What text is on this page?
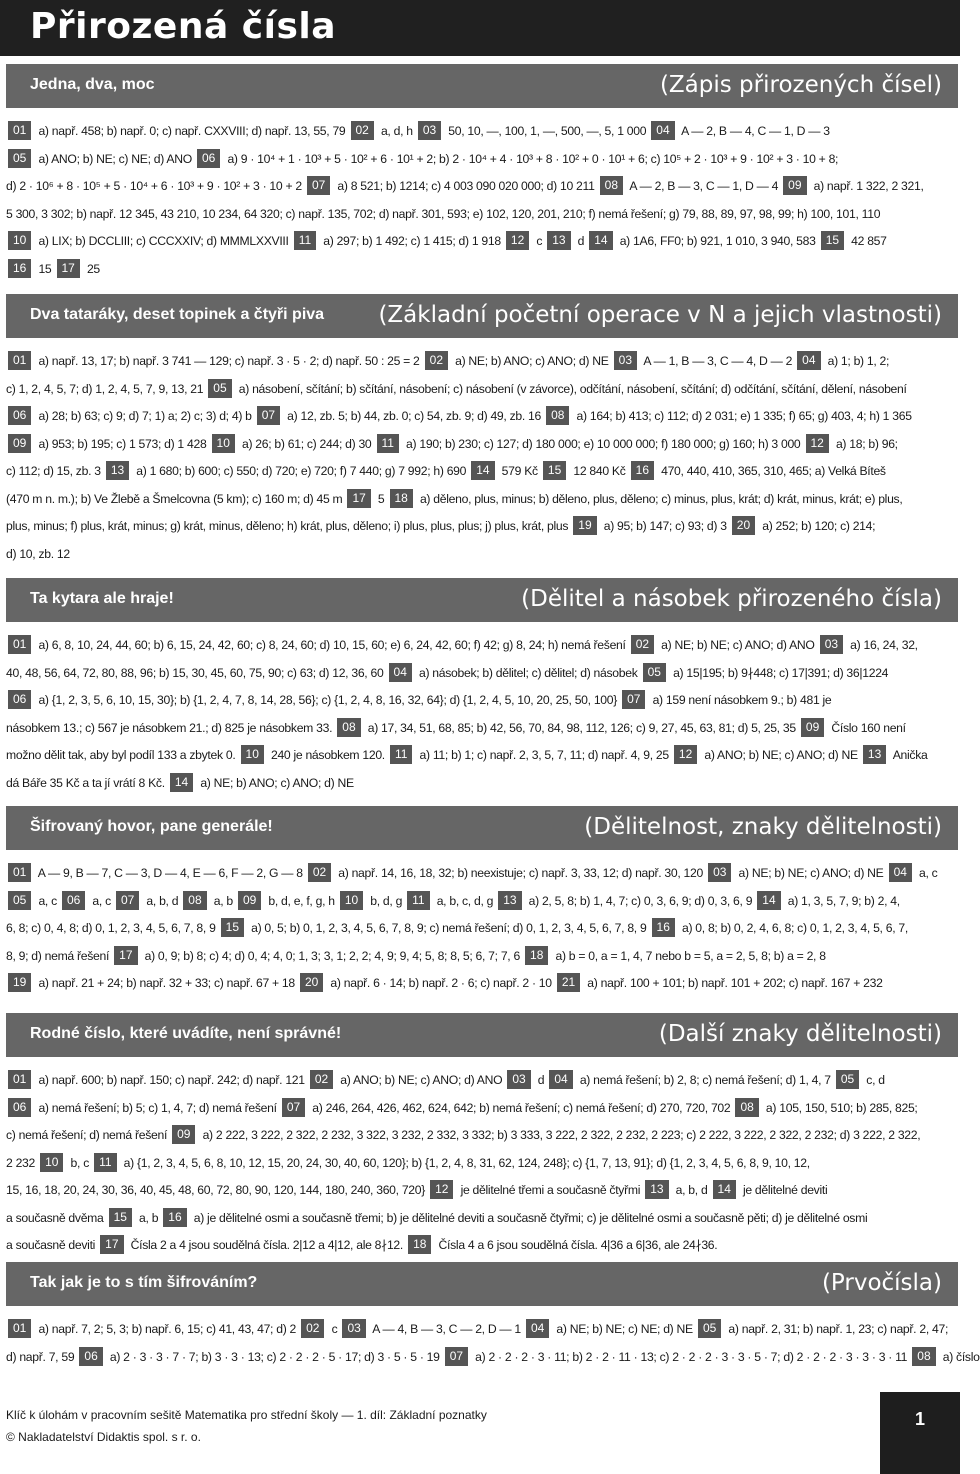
Přirozená čísla
Jedna, dva, moc	(Zápis přirozených čísel)
01 a) např. 458; b) např. 0; c) např. CXXVIII; d) např. 13, 55, 79 02 a, d, h 03 50, 10, —, 100, 1, —, 500, —, 5, 1 000 04 A — 2, B — 4, C — 1, D — 3
05 a) ANO; b) NE; c) NE; d) ANO 06 a) 9 · 10⁴ + 1 · 10³ + 5 · 10² + 6 · 10¹ + 2; b) 2 · 10⁴ + 4 · 10³ + 8 · 10² + 0 · 10¹ + 6; c) 10⁵ + 2 · 10³ + 9 · 10² + 3 · 10 + 8;
d) 2 · 10⁶ + 8 · 10⁵ + 5 · 10⁴ + 6 · 10³ + 9 · 10² + 3 · 10 + 2 07 a) 8 521; b) 1214; c) 4 003 090 020 000; d) 10 211 08 A — 2, B — 3, C — 1, D — 4 09 a) např. 1 322, 2 321,
5 300, 3 302; b) např. 12 345, 43 210, 10 234, 64 320; c) např. 135, 702; d) např. 301, 593; e) 102, 120, 201, 210; f) nemá řešení; g) 79, 88, 89, 97, 98, 99; h) 100, 101, 110
10 a) LIX; b) DCCLIII; c) CCCXXIV; d) MMMLXXVIII 11 a) 297; b) 1 492; c) 1 415; d) 1 918 12 c 13 d 14 a) 1A6, FF0; b) 921, 1 010, 3 940, 583 15 42 857
16 15 17 25
Dva tataráky, deset topinek a čtyři piva (Základní početní operace v N a jejich vlastnosti)
01 a) např. 13, 17; b) např. 3 741 — 129; c) např. 3 · 5 · 2; d) např. 50 : 25 = 2 02 a) NE; b) ANO; c) ANO; d) NE 03 A — 1, B — 3, C — 4, D — 2 04 a) 1; b) 1, 2;
c) 1, 2, 4, 5, 7; d) 1, 2, 4, 5, 7, 9, 13, 21 05 a) násobení, sčítání; b) sčítání, násobení; c) násobení (v závorce), odčítání, násobení, sčítání; d) odčítání, sčítání, dělení, násobení
06 a) 28; b) 63; c) 9; d) 7; 1) a; 2) c; 3) d; 4) b 07 a) 12, zb. 5; b) 44, zb. 0; c) 54, zb. 9; d) 49, zb. 16 08 a) 164; b) 413; c) 112; d) 2 031; e) 1 335; f) 65; g) 403, 4; h) 1 365
09 a) 953; b) 195; c) 1 573; d) 1 428 10 a) 26; b) 61; c) 244; d) 30 11 a) 190; b) 230; c) 127; d) 180 000; e) 10 000 000; f) 180 000; g) 160; h) 3 000 12 a) 18; b) 96;
c) 112; d) 15, zb. 3 13 a) 1 680; b) 600; c) 550; d) 720; e) 720; f) 7 440; g) 7 992; h) 690 14 579 Kč 15 12 840 Kč 16 470, 440, 410, 365, 310, 465; a) Velká Bíteš
(470 m n. m.); b) Ve Žlebě a Šmelcovna (5 km); c) 160 m; d) 45 m 17 5 18 a) děleno, plus, minus; b) děleno, plus, děleno; c) minus, plus, krát; d) krát, minus, krát; e) plus,
plus, minus; f) plus, krát, minus; g) krát, minus, děleno; h) krát, plus, děleno; i) plus, plus, plus; j) plus, krát, plus 19 a) 95; b) 147; c) 93; d) 3 20 a) 252; b) 120; c) 214;
d) 10, zb. 12
Ta kytara ale hraje!	(Dělitel a násobek přirozeného čísla)
01 a) 6, 8, 10, 24, 44, 60; b) 6, 15, 24, 42, 60; c) 8, 24, 60; d) 10, 15, 60; e) 6, 24, 42, 60; f) 42; g) 8, 24; h) nemá řešení 02 a) NE; b) NE; c) ANO; d) ANO 03 a) 16, 24, 32,
40, 48, 56, 64, 72, 80, 88, 96; b) 15, 30, 45, 60, 75, 90; c) 63; d) 12, 36, 60 04 a) násobek; b) dělitel; c) dělitel; d) násobek 05 a) 15|195; b) 9∤448; c) 17|391; d) 36|1224
06 a) {1, 2, 3, 5, 6, 10, 15, 30}; b) {1, 2, 4, 7, 8, 14, 28, 56}; c) {1, 2, 4, 8, 16, 32, 64}; d) {1, 2, 4, 5, 10, 20, 25, 50, 100} 07 a) 159 není násobkem 9.; b) 481 je
násobkem 13.; c) 567 je násobkem 21.; d) 825 je násobkem 33. 08 a) 17, 34, 51, 68, 85; b) 42, 56, 70, 84, 98, 112, 126; c) 9, 27, 45, 63, 81; d) 5, 25, 35 09 Číslo 160 není
možno dělit tak, aby byl podíl 133 a zbytek 0. 10 240 je násobkem 120. 11 a) 11; b) 1; c) např. 2, 3, 5, 7, 11; d) např. 4, 9, 25 12 a) ANO; b) NE; c) ANO; d) NE 13 Anička
dá Báře 35 Kč a ta jí vrátí 8 Kč. 14 a) NE; b) ANO; c) ANO; d) NE
Šifrovaný hovor, pane generále!	(Dělitelnost, znaky dělitelnosti)
01 A — 9, B — 7, C — 3, D — 4, E — 6, F — 2, G — 8 02 a) např. 14, 16, 18, 32; b) neexistuje; c) např. 3, 33, 12; d) např. 30, 120 03 a) NE; b) NE; c) ANO; d) NE 04 a, c
05 a, c 06 a, c 07 a, b, d 08 a, b 09 b, d, e, f, g, h 10 b, d, g 11 a, b, c, d, g 13 a) 2, 5, 8; b) 1, 4, 7; c) 0, 3, 6, 9; d) 0, 3, 6, 9 14 a) 1, 3, 5, 7, 9; b) 2, 4,
6, 8; c) 0, 4, 8; d) 0, 1, 2, 3, 4, 5, 6, 7, 8, 9 15 a) 0, 5; b) 0, 1, 2, 3, 4, 5, 6, 7, 8, 9; c) nemá řešení; d) 0, 1, 2, 3, 4, 5, 6, 7, 8, 9 16 a) 0, 8; b) 0, 2, 4, 6, 8; c) 0, 1, 2, 3, 4, 5, 6, 7,
8, 9; d) nemá řešení 17 a) 0, 9; b) 8; c) 4; d) 0, 4; 4, 0; 1, 3; 3, 1; 2, 2; 4, 9; 9, 4; 5, 8; 8, 5; 6, 7; 7, 6 18 a) b = 0, a = 1, 4, 7 nebo b = 5, a = 2, 5, 8; b) a = 2, 8
19 a) např. 21 + 24; b) např. 32 + 33; c) např. 67 + 18 20 a) např. 6 · 14; b) např. 2 · 6; c) např. 2 · 10 21 a) např. 100 + 101; b) např. 101 + 202; c) např. 167 + 232
Rodné číslo, které uvádíte, není správné!	(Další znaky dělitelnosti)
01 a) např. 600; b) např. 150; c) např. 242; d) např. 121 02 a) ANO; b) NE; c) ANO; d) ANO 03 d 04 a) nemá řešení; b) 2, 8; c) nemá řešení; d) 1, 4, 7 05 c, d
06 a) nemá řešení; b) 5; c) 1, 4, 7; d) nemá řešení 07 a) 246, 264, 426, 462, 624, 642; b) nemá řešení; c) nemá řešení; d) 270, 720, 702 08 a) 105, 150, 510; b) 285, 825;
c) nemá řešení; d) nemá řešení 09 a) 2 222, 3 222, 2 322, 2 232, 3 322, 3 232, 2 332, 3 332; b) 3 333, 3 222, 2 322, 2 232, 2 223; c) 2 222, 3 222, 2 322, 2 232; d) 3 222, 2 322,
2 232 10 b, c 11 a) {1, 2, 3, 4, 5, 6, 8, 10, 12, 15, 20, 24, 30, 40, 60, 120}; b) {1, 2, 4, 8, 31, 62, 124, 248}; c) {1, 7, 13, 91}; d) {1, 2, 3, 4, 5, 6, 8, 9, 10, 12,
15, 16, 18, 20, 24, 30, 36, 40, 45, 48, 60, 72, 80, 90, 120, 144, 180, 240, 360, 720} 12 je dělitelné třemi a současně čtyřmi 13 a, b, d 14 je dělitelné deviti
a současně dvěma 15 a, b 16 a) je dělitelné osmi a současně třemi; b) je dělitelné deviti a současně čtyřmi; c) je dělitelné osmi a současně pěti; d) je dělitelné osmi
a současně deviti 17 Čísla 2 a 4 jsou soudělná čísla. 2|12 a 4|12, ale 8∤12. 18 Čísla 4 a 6 jsou soudělná čísla. 4|36 a 6|36, ale 24∤36.
Tak jak je to s tím šifrováním?	(Prvočísla)
01 a) např. 7, 2; 5, 3; b) např. 6, 15; c) 41, 43, 47; d) 2 02 c 03 A — 4, B — 3, C — 2, D — 1 04 a) NE; b) NE; c) NE; d) NE 05 a) např. 2, 31; b) např. 1, 23; c) např. 2, 47;
d) např. 7, 59 06 a) 2 · 3 · 3 · 7 · 7; b) 3 · 3 · 13; c) 2 · 2 · 2 · 5 · 17; d) 3 · 5 · 5 · 19 07 a) 2 · 2 · 2 · 3 · 11; b) 2 · 2 · 11 · 13; c) 2 · 2 · 2 · 3 · 3 · 5 · 7; d) 2 · 2 · 2 · 3 · 3 · 3 · 11 08 a) číslo
Klíč k úlohám v pracovním sešitě Matematika pro střední školy — 1. díl: Základní poznatky
© Nakladatelství Didaktis spol. s r. o.
1
